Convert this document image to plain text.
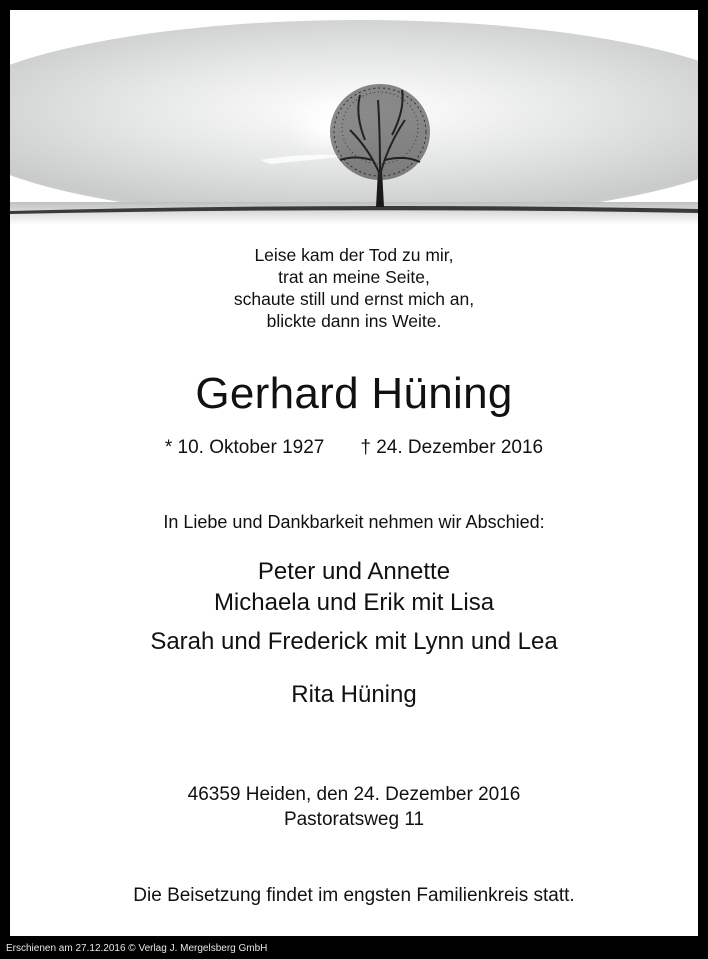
Leise kam der Tod zu mir,
trat an meine Seite,
schaute still und ernst mich an,
blickte dann ins Weite.
Gerhard Hüning
* 10. Oktober 1927 † 24. Dezember 2016
In Liebe und Dankbarkeit nehmen wir Abschied:
Peter und Annette
Michaela und Erik mit Lisa
Sarah und Frederick mit Lynn und Lea
Rita Hüning
46359 Heiden, den 24. Dezember 2016
Pastoratsweg 11
Die Beisetzung findet im engsten Familienkreis statt.
Erschienen am 27.12.2016 © Verlag J. Mergelsberg GmbH
